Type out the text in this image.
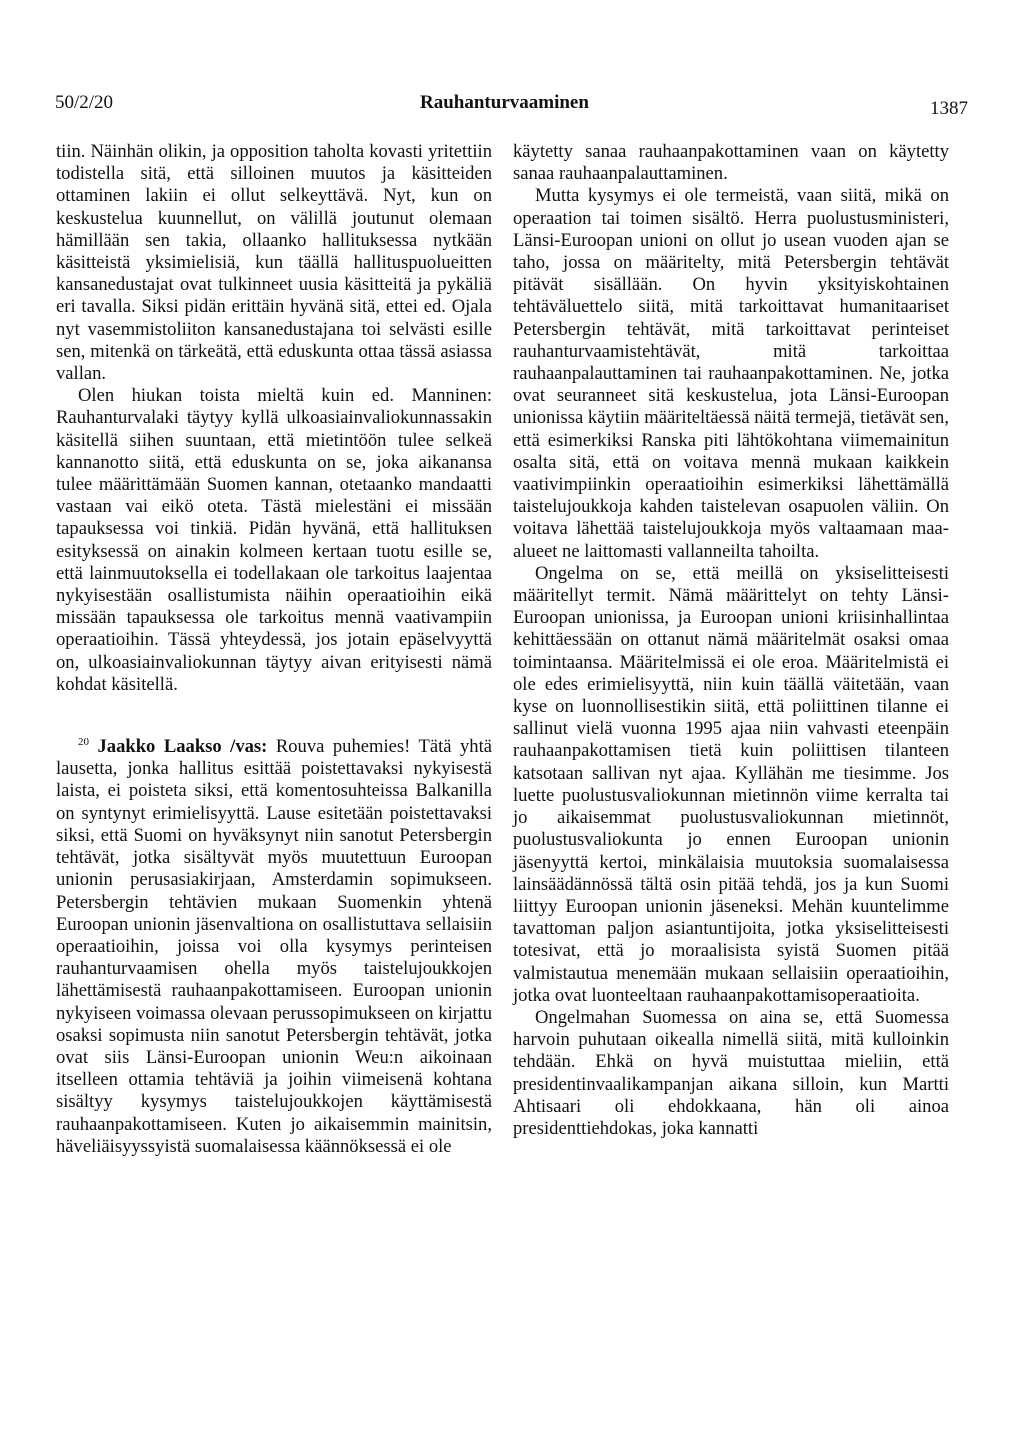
50/2/20	Rauhanturvaaminen	1387

tiin. Näinhän olikin, ja opposition taholta kovasti yritettiin todistella sitä, että silloinen muutos ja käsitteiden ottaminen lakiin ei ollut selkeyttävä. Nyt, kun on keskustelua kuunnellut, on välillä joutunut olemaan hämillään sen takia, ollaanko hallituksessa nytkään käsitteistä yksimielisiä, kun täällä hallituspuolueitten kansanedustajat ovat tulkinneet uusia käsitteitä ja pykäliä eri tavalla. Siksi pidän erittäin hyvänä sitä, ettei ed. Ojala nyt vasemmistoliiton kansanedustajana toi selvästi esille sen, mitenkä on tärkeätä, että eduskunta ottaa tässä asiassa vallan.

Olen hiukan toista mieltä kuin ed. Manninen: Rauhanturvalaki täytyy kyllä ulkoasiainvaliokunnassakin käsitellä siihen suuntaan, että mietintöön tulee selkeä kannanotto siitä, että eduskunta on se, joka aikanansa tulee määrittämään Suomen kannan, otetaanko mandaatti vastaan vai eikö oteta. Tästä mielestäni ei missään tapauksessa voi tinkiä. Pidän hyvänä, että hallituksen esityksessä on ainakin kolmeen kertaan tuotu esille se, että lainmuutoksella ei todellakaan ole tarkoitus laajentaa nykyisestään osallistumista näihin operaatioihin eikä missään tapauksessa ole tarkoitus mennä vaativampiin operaatioihin. Tässä yhteydessä, jos jotain epäselvyyttä on, ulkoasiainvaliokunnan täytyy aivan erityisesti nämä kohdat käsitellä.

$^{20}$ Jaakko Laakso /vas: Rouva puhemies! Tätä yhtä lausetta, jonka hallitus esittää poistettavaksi nykyisestä laista, ei poisteta siksi, että komentosuhteissa Balkanilla on syntynyt erimielisyyttä. Lause esitetään poistettavaksi siksi, että Suomi on hyväksynyt niin sanotut Petersbergin tehtävät, jotka sisältyvät myös muutettuun Euroopan unionin perusasiakirjaan, Amsterdamin sopimukseen. Petersbergin tehtävien mukaan Suomenkin yhtenä Euroopan unionin jäsenvaltiona on osallistuttava sellaisiin operaatioihin, joissa voi olla kysymys perinteisen rauhanturvaamisen ohella myös taistelujoukkojen lähettämisestä rauhaanpakottamiseen. Euroopan unionin nykyiseen voimassa olevaan perussopimukseen on kirjattu osaksi sopimusta niin sanotut Petersbergin tehtävät, jotka ovat siis Länsi-Euroopan unionin Weu:n aikoinaan itselleen ottamia tehtäviä ja joihin viimeisenä kohtana sisältyy kysymys taistelujoukkojen käyttämisestä rauhaanpakottamiseen. Kuten jo aikaisemmin mainitsin, häveliäisyyssyistä suomalaisessa käännöksessä ei ole

käytetty sanaa rauhaanpakottaminen vaan on käytetty sanaa rauhaanpalauttaminen.

Mutta kysymys ei ole termeistä, vaan siitä, mikä on operaation tai toimen sisältö. Herra puolustusministeri, Länsi-Euroopan unioni on ollut jo usean vuoden ajan se taho, jossa on määritelty, mitä Petersbergin tehtävät pitävät sisällään. On hyvin yksityiskohtainen tehtäväluettelo siitä, mitä tarkoittavat humanitaariset Petersbergin tehtävät, mitä tarkoittavat perinteiset rauhanturvaamistehtävät, mitä tarkoittaa rauhaanpalauttaminen tai rauhaanpakottaminen. Ne, jotka ovat seuranneet sitä keskustelua, jota Länsi-Euroopan unionissa käytiin määriteltäessä näitä termejä, tietävät sen, että esimerkiksi Ranska piti lähtökohtana viimemainitun osalta sitä, että on voitava mennä mukaan kaikkein vaativimpiinkin operaatioihin esimerkiksi lähettämällä taistelujoukkoja kahden taistelevan osapuolen väliin. On voitava lähettää taistelujoukkoja myös valtaamaan maa-alueet ne laittomasti vallanneilta tahoilta.

Ongelma on se, että meillä on yksiselitteisesti määritellyt termit. Nämä määrittelyt on tehty Länsi-Euroopan unionissa, ja Euroopan unioni kriisinhallintaa kehittäessään on ottanut nämä määritelmät osaksi omaa toimintaansa. Määritelmissä ei ole eroa. Määritelmistä ei ole edes erimielisyyttä, niin kuin täällä väitetään, vaan kyse on luonnollisestikin siitä, että poliittinen tilanne ei sallinut vielä vuonna 1995 ajaa niin vahvasti eteenpäin rauhaanpakottamisen tietä kuin poliittisen tilanteen katsotaan sallivan nyt ajaa. Kyllähän me tiesimme. Jos luette puolustusvaliokunnan mietinnön viime kerralta tai jo aikaisemmat puolustusvaliokunnan mietinnöt, puolustusvaliokunta jo ennen Euroopan unionin jäsenyyttä kertoi, minkälaisia muutoksia suomalaisessa lainsäädännössä tältä osin pitää tehdä, jos ja kun Suomi liittyy Euroopan unionin jäseneksi. Mehän kuuntelimme tavattoman paljon asiantuntijoita, jotka yksiselitteisesti totesivat, että jo moraalisista syistä Suomen pitää valmistautua menemään mukaan sellaisiin operaatioihin, jotka ovat luonteeltaan rauhaanpakottamisoperaatioita.

Ongelmahan Suomessa on aina se, että Suomessa harvoin puhutaan oikealla nimellä siitä, mitä kulloinkin tehdään. Ehkä on hyvä muistuttaa mieliin, että presidentinvaalikampanjan aikana silloin, kun Martti Ahtisaari oli ehdokkaana, hän oli ainoa presidenttiehdokas, joka kannatti
